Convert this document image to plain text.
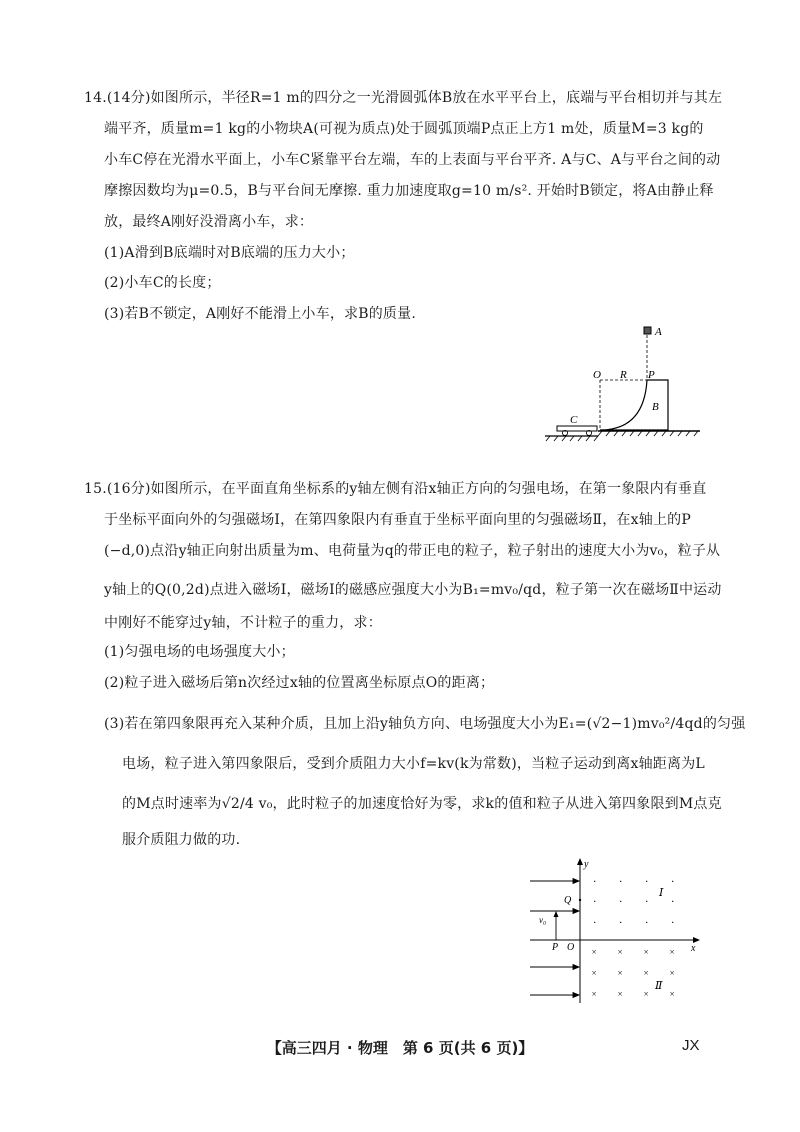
14.(14分)如图所示，半径R=1 m的四分之一光滑圆弧体B放在水平平台上，底端与平台相切并与其左
端平齐，质量m=1 kg的小物块A(可视为质点)处于圆弧顶端P点正上方1 m处，质量M=3 kg的
小车C停在光滑水平面上，小车C紧靠平台左端，车的上表面与平台平齐. A与C、A与平台之间的动
摩擦因数均为μ=0.5，B与平台间无摩擦. 重力加速度取g=10 m/s². 开始时B锁定，将A由静止释
放，最终A刚好没滑离小车，求：
(1)A滑到B底端时对B底端的压力大小；
(2)小车C的长度；
(3)若B不锁定，A刚好不能滑上小车，求B的质量.
A
O R P
B
C
15.(16分)如图所示，在平面直角坐标系的y轴左侧有沿x轴正方向的匀强电场，在第一象限内有垂直
于坐标平面向外的匀强磁场Ⅰ，在第四象限内有垂直于坐标平面向里的匀强磁场Ⅱ，在x轴上的P
(−d,0)点沿y轴正向射出质量为m、电荷量为q的带正电的粒子，粒子射出的速度大小为v₀，粒子从
y轴上的Q(0,2d)点进入磁场Ⅰ，磁场Ⅰ的磁感应强度大小为B₁=mv₀/qd，粒子第一次在磁场Ⅱ中运动
中刚好不能穿过y轴，不计粒子的重力，求：
(1)匀强电场的电场强度大小；
(2)粒子进入磁场后第n次经过x轴的位置离坐标原点O的距离；
(3)若在第四象限再充入某种介质，且加上沿y轴负方向、电场强度大小为E₁=(√2−1)mv₀²/4qd的匀强
电场，粒子进入第四象限后，受到介质阻力大小f=kv(k为常数)，当粒子运动到离x轴距离为L
的M点时速率为√2/4 v₀，此时粒子的加速度恰好为零，求k的值和粒子从进入第四象限到M点克
服介质阻力做的功.
y
x
O
P
Q
v₀
· · · ·
· · · ·
· · · ·
Ⅰ
× × × ×
× × × ×
× × × ×
Ⅱ
【高三四月 · 物理　第 6 页(共 6 页)】	JX
